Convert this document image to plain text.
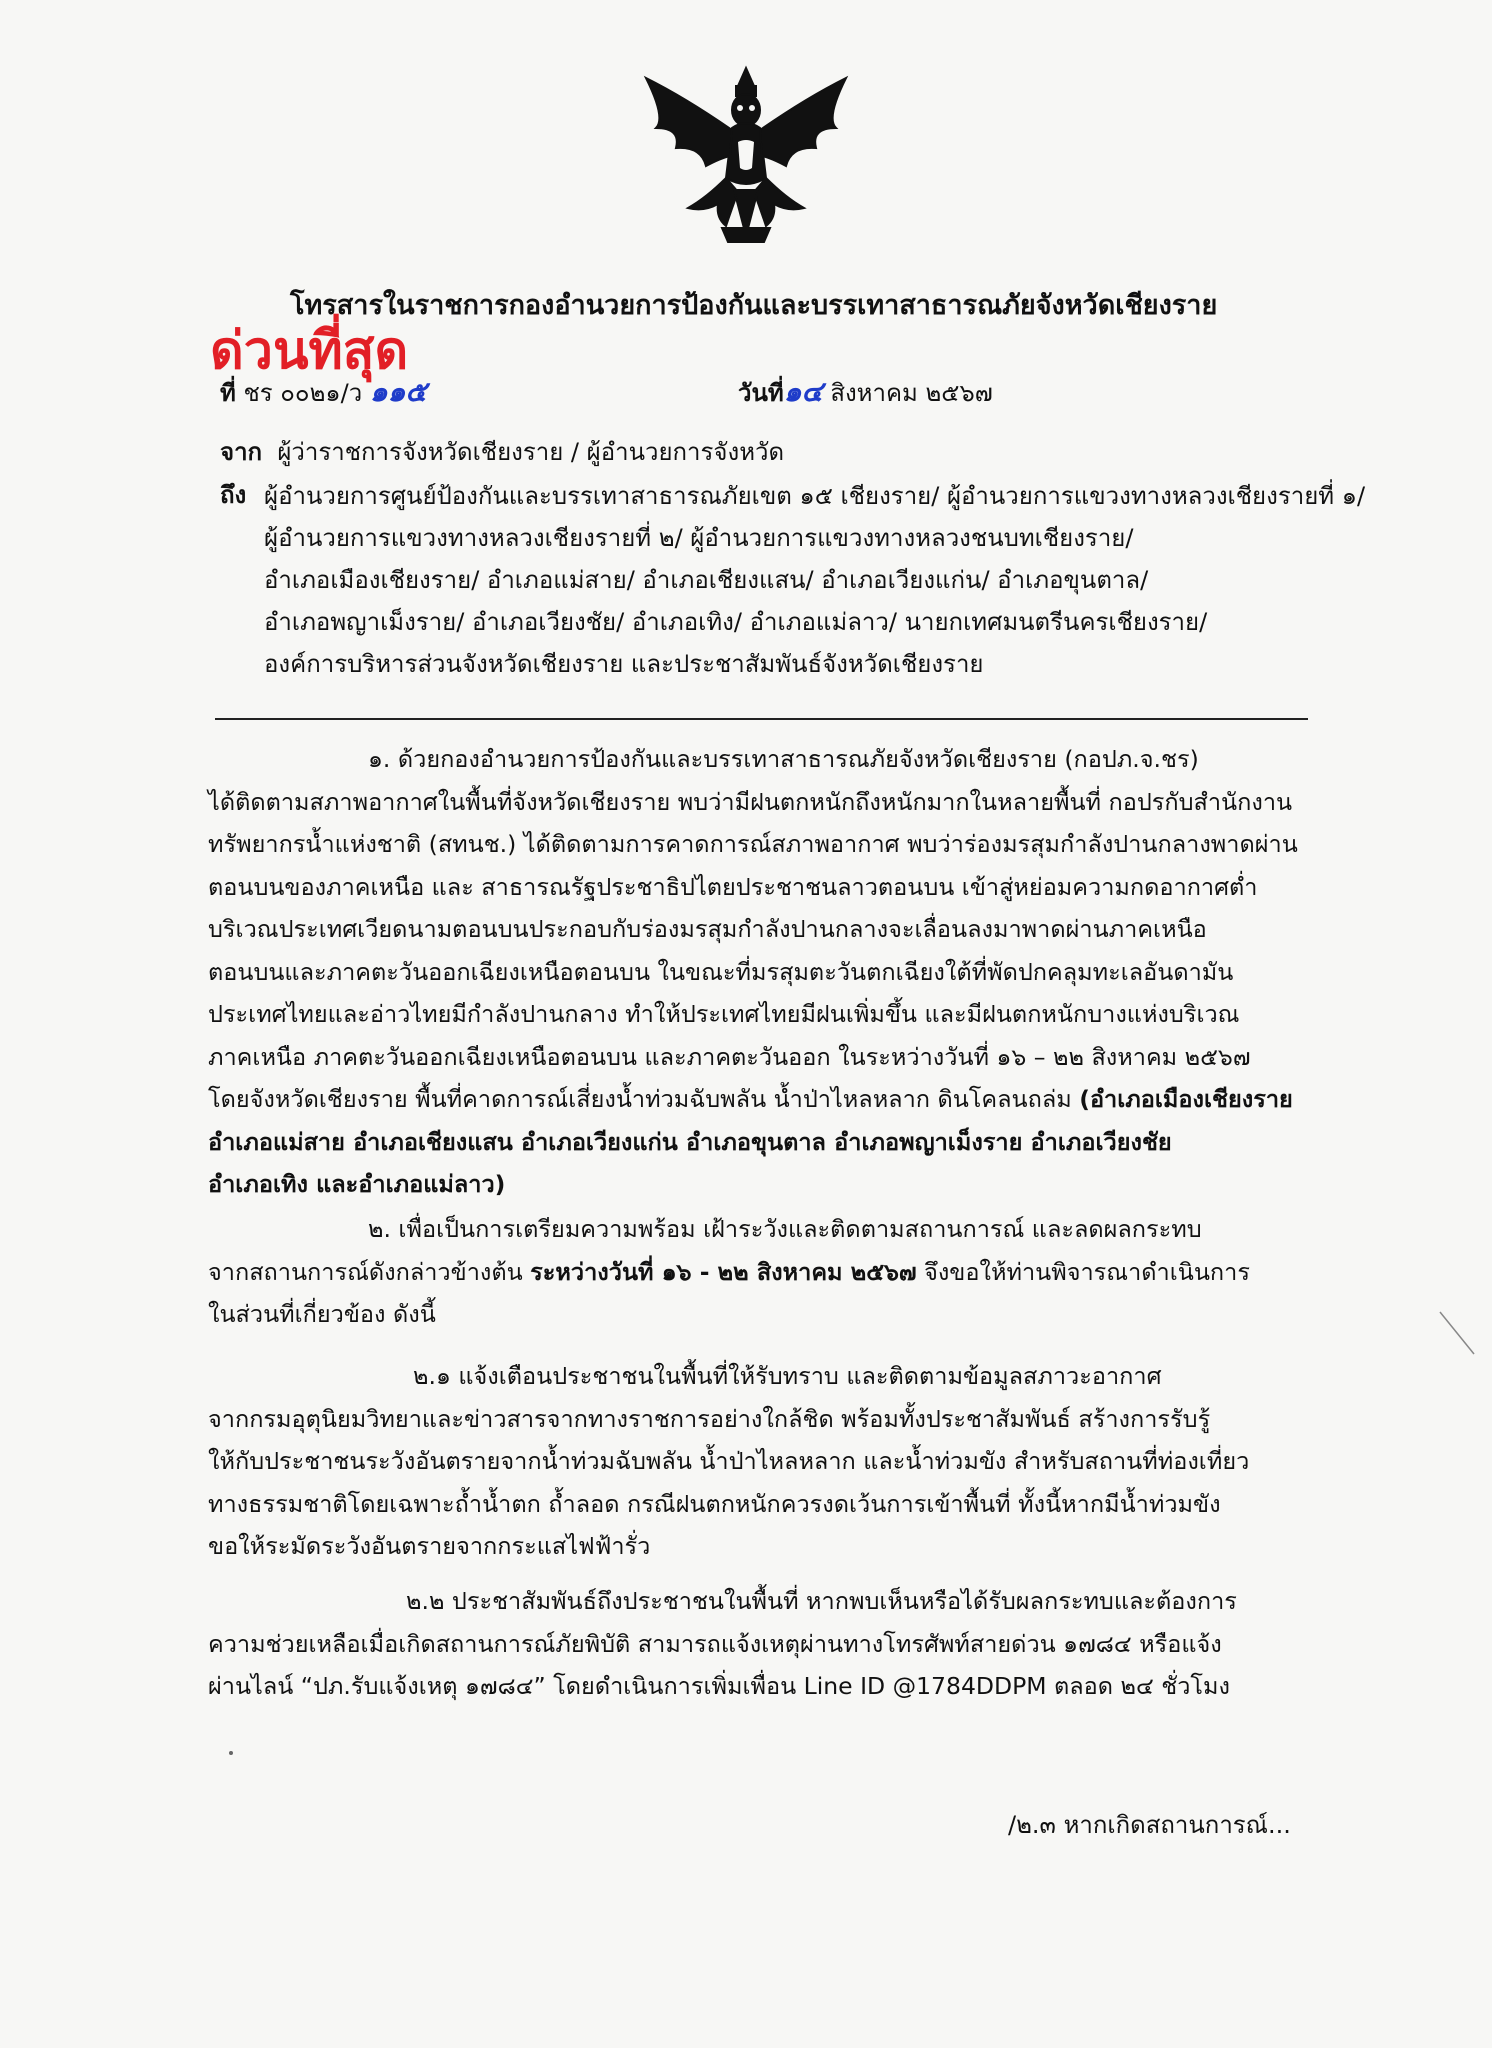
โทรสารในราชการกองอำนวยการป้องกันและบรรเทาสาธารณภัยจังหวัดเชียงราย
ด่วนที่สุด
ที่ ชร ๐๐๒๑/ว ๑๑๕	วันที่๑๔ สิงหาคม ๒๕๖๗
จาก ผู้ว่าราชการจังหวัดเชียงราย / ผู้อำนวยการจังหวัด
ถึง ผู้อำนวยการศูนย์ป้องกันและบรรเทาสาธารณภัยเขต ๑๕ เชียงราย/ ผู้อำนวยการแขวงทางหลวงเชียงรายที่ ๑/
ผู้อำนวยการแขวงทางหลวงเชียงรายที่ ๒/ ผู้อำนวยการแขวงทางหลวงชนบทเชียงราย/
อำเภอเมืองเชียงราย/ อำเภอแม่สาย/ อำเภอเชียงแสน/ อำเภอเวียงแก่น/ อำเภอขุนตาล/
อำเภอพญาเม็งราย/ อำเภอเวียงชัย/ อำเภอเทิง/ อำเภอแม่ลาว/ นายกเทศมนตรีนครเชียงราย/
องค์การบริหารส่วนจังหวัดเชียงราย และประชาสัมพันธ์จังหวัดเชียงราย
๑. ด้วยกองอำนวยการป้องกันและบรรเทาสาธารณภัยจังหวัดเชียงราย (กอปภ.จ.ชร)
ได้ติดตามสภาพอากาศในพื้นที่จังหวัดเชียงราย พบว่ามีฝนตกหนักถึงหนักมากในหลายพื้นที่ กอปรกับสำนักงาน
ทรัพยากรน้ำแห่งชาติ (สทนช.) ได้ติดตามการคาดการณ์สภาพอากาศ พบว่าร่องมรสุมกำลังปานกลางพาดผ่าน
ตอนบนของภาคเหนือ และ สาธารณรัฐประชาธิปไตยประชาชนลาวตอนบน เข้าสู่หย่อมความกดอากาศต่ำ
บริเวณประเทศเวียดนามตอนบนประกอบกับร่องมรสุมกำลังปานกลางจะเลื่อนลงมาพาดผ่านภาคเหนือ
ตอนบนและภาคตะวันออกเฉียงเหนือตอนบน ในขณะที่มรสุมตะวันตกเฉียงใต้ที่พัดปกคลุมทะเลอันดามัน
ประเทศไทยและอ่าวไทยมีกำลังปานกลาง ทำให้ประเทศไทยมีฝนเพิ่มขึ้น และมีฝนตกหนักบางแห่งบริเวณ
ภาคเหนือ ภาคตะวันออกเฉียงเหนือตอนบน และภาคตะวันออก ในระหว่างวันที่ ๑๖ – ๒๒ สิงหาคม ๒๕๖๗
โดยจังหวัดเชียงราย พื้นที่คาดการณ์เสี่ยงน้ำท่วมฉับพลัน น้ำป่าไหลหลาก ดินโคลนถล่ม (อำเภอเมืองเชียงราย
อำเภอแม่สาย อำเภอเชียงแสน อำเภอเวียงแก่น อำเภอขุนตาล อำเภอพญาเม็งราย อำเภอเวียงชัย
อำเภอเทิง และอำเภอแม่ลาว)
๒. เพื่อเป็นการเตรียมความพร้อม เฝ้าระวังและติดตามสถานการณ์ และลดผลกระทบ
จากสถานการณ์ดังกล่าวข้างต้น ระหว่างวันที่ ๑๖ - ๒๒ สิงหาคม ๒๕๖๗ จึงขอให้ท่านพิจารณาดำเนินการ
ในส่วนที่เกี่ยวข้อง ดังนี้
๒.๑ แจ้งเตือนประชาชนในพื้นที่ให้รับทราบ และติดตามข้อมูลสภาวะอากาศ
จากกรมอุตุนิยมวิทยาและข่าวสารจากทางราชการอย่างใกล้ชิด พร้อมทั้งประชาสัมพันธ์ สร้างการรับรู้
ให้กับประชาชนระวังอันตรายจากน้ำท่วมฉับพลัน น้ำป่าไหลหลาก และน้ำท่วมขัง สำหรับสถานที่ท่องเที่ยว
ทางธรรมชาติโดยเฉพาะถ้ำน้ำตก ถ้ำลอด กรณีฝนตกหนักควรงดเว้นการเข้าพื้นที่ ทั้งนี้หากมีน้ำท่วมขัง
ขอให้ระมัดระวังอันตรายจากกระแสไฟฟ้ารั่ว
๒.๒ ประชาสัมพันธ์ถึงประชาชนในพื้นที่ หากพบเห็นหรือได้รับผลกระทบและต้องการ
ความช่วยเหลือเมื่อเกิดสถานการณ์ภัยพิบัติ สามารถแจ้งเหตุผ่านทางโทรศัพท์สายด่วน ๑๗๘๔ หรือแจ้ง
ผ่านไลน์ “ปภ.รับแจ้งเหตุ ๑๗๘๔” โดยดำเนินการเพิ่มเพื่อน Line ID @1784DDPM ตลอด ๒๔ ชั่วโมง
/๒.๓ หากเกิดสถานการณ์...
